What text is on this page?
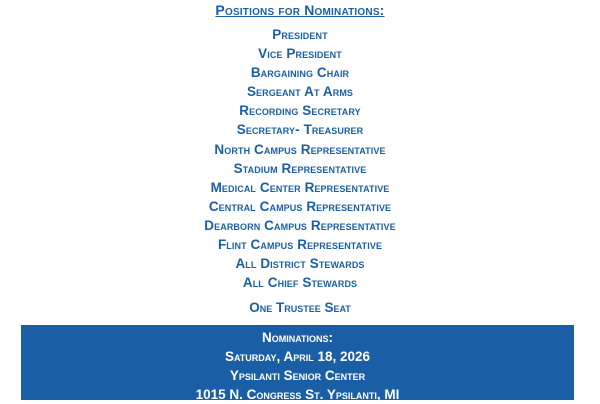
Positions for Nominations:
President
Vice President
Bargaining Chair
Sergeant At Arms
Recording Secretary
Secretary- Treasurer
North Campus Representative
Stadium Representative
Medical Center Representative
Central Campus Representative
Dearborn Campus Representative
Flint Campus Representative
All District Stewards
All Chief Stewards
One Trustee Seat
Nominations:
Saturday, April 18, 2026
Ypsilanti Senior Center
1015 N. Congress St. Ypsilanti, MI
